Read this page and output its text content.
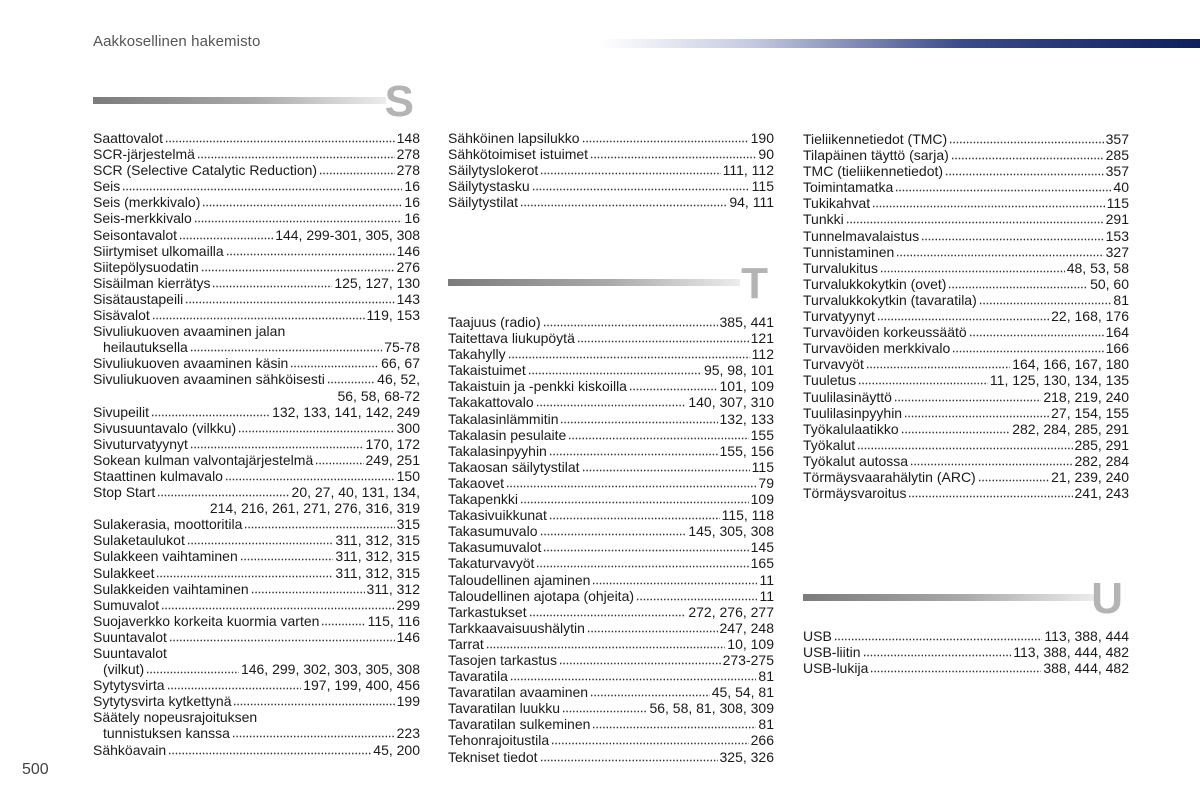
Aakkosellinen hakemisto
S
Saattovalot	148
SCR-järjestelmä	278
SCR (Selective Catalytic Reduction)	278
Seis	16
Seis (merkkivalo)	16
Seis-merkkivalo	16
Seisontavalot	144, 299-301, 305, 308
Siirtymiset ulkomailla	146
Siitepölysuodatin	276
Sisäilman kierrätys	125, 127, 130
Sisätaustapeili	143
Sisävalot	119, 153
Sivuliukuoven avaaminen jalan
heilautuksella	75-78
Sivuliukuoven avaaminen käsin	66, 67
Sivuliukuoven avaaminen sähköisesti	46, 52,
56, 58, 68-72
Sivupeilit	132, 133, 141, 142, 249
Sivusuuntavalo (vilkku)	300
Sivuturvatyynyt	170, 172
Sokean kulman valvontajärjestelmä	249, 251
Staattinen kulmavalo	150
Stop Start	20, 27, 40, 131, 134,
214, 216, 261, 271, 276, 316, 319
Sulakerasia, moottoritila	315
Sulaketaulukot	311, 312, 315
Sulakkeen vaihtaminen	311, 312, 315
Sulakkeet	311, 312, 315
Sulakkeiden vaihtaminen	311, 312
Sumuvalot	299
Suojaverkko korkeita kuormia varten	115, 116
Suuntavalot	146
Suuntavalot
(vilkut)	146, 299, 302, 303, 305, 308
Sytytysvirta	197, 199, 400, 456
Sytytysvirta kytkettynä	199
Säätely nopeusrajoituksen
tunnistuksen kanssa	223
Sähköavain	45, 200
Sähköinen lapsilukko	190
Sähkötoimiset istuimet	90
Säilytyslokerot	111, 112
Säilytystasku	115
Säilytystilat	94, 111
T
Taajuus (radio)	385, 441
Taitettava liukupöytä	121
Takahylly	112
Takaistuimet	95, 98, 101
Takaistuin ja -penkki kiskoilla	101, 109
Takakattovalo	140, 307, 310
Takalasinlämmitin	132, 133
Takalasin pesulaite	155
Takalasinpyyhin	155, 156
Takaosan säilytystilat	115
Takaovet	79
Takapenkki	109
Takasivuikkunat	115, 118
Takasumuvalo	145, 305, 308
Takasumuvalot	145
Takaturvavyöt	165
Taloudellinen ajaminen	11
Taloudellinen ajotapa (ohjeita)	11
Tarkastukset	272, 276, 277
Tarkkaavaisuushälytin	247, 248
Tarrat	10, 109
Tasojen tarkastus	273-275
Tavaratila	81
Tavaratilan avaaminen	45, 54, 81
Tavaratilan luukku	56, 58, 81, 308, 309
Tavaratilan sulkeminen	81
Tehonrajoitustila	266
Tekniset tiedot	325, 326
Tieliikennetiedot (TMC)	357
Tilapäinen täyttö (sarja)	285
TMC (tieliikennetiedot)	357
Toimintamatka	40
Tukikahvat	115
Tunkki	291
Tunnelmavalaistus	153
Tunnistaminen	327
Turvalukitus	48, 53, 58
Turvalukkokytkin (ovet)	50, 60
Turvalukkokytkin (tavaratila)	81
Turvatyynyt	22, 168, 176
Turvavöiden korkeussäätö	164
Turvavöiden merkkivalo	166
Turvavyöt	164, 166, 167, 180
Tuuletus	11, 125, 130, 134, 135
Tuulilasinäyttö	218, 219, 240
Tuulilasinpyyhin	27, 154, 155
Työkalulaatikko	282, 284, 285, 291
Työkalut	285, 291
Työkalut autossa	282, 284
Törmäysvaarahälytin (ARC)	21, 239, 240
Törmäysvaroitus	241, 243
U
USB	113, 388, 444
USB-liitin	113, 388, 444, 482
USB-lukija	388, 444, 482
500
